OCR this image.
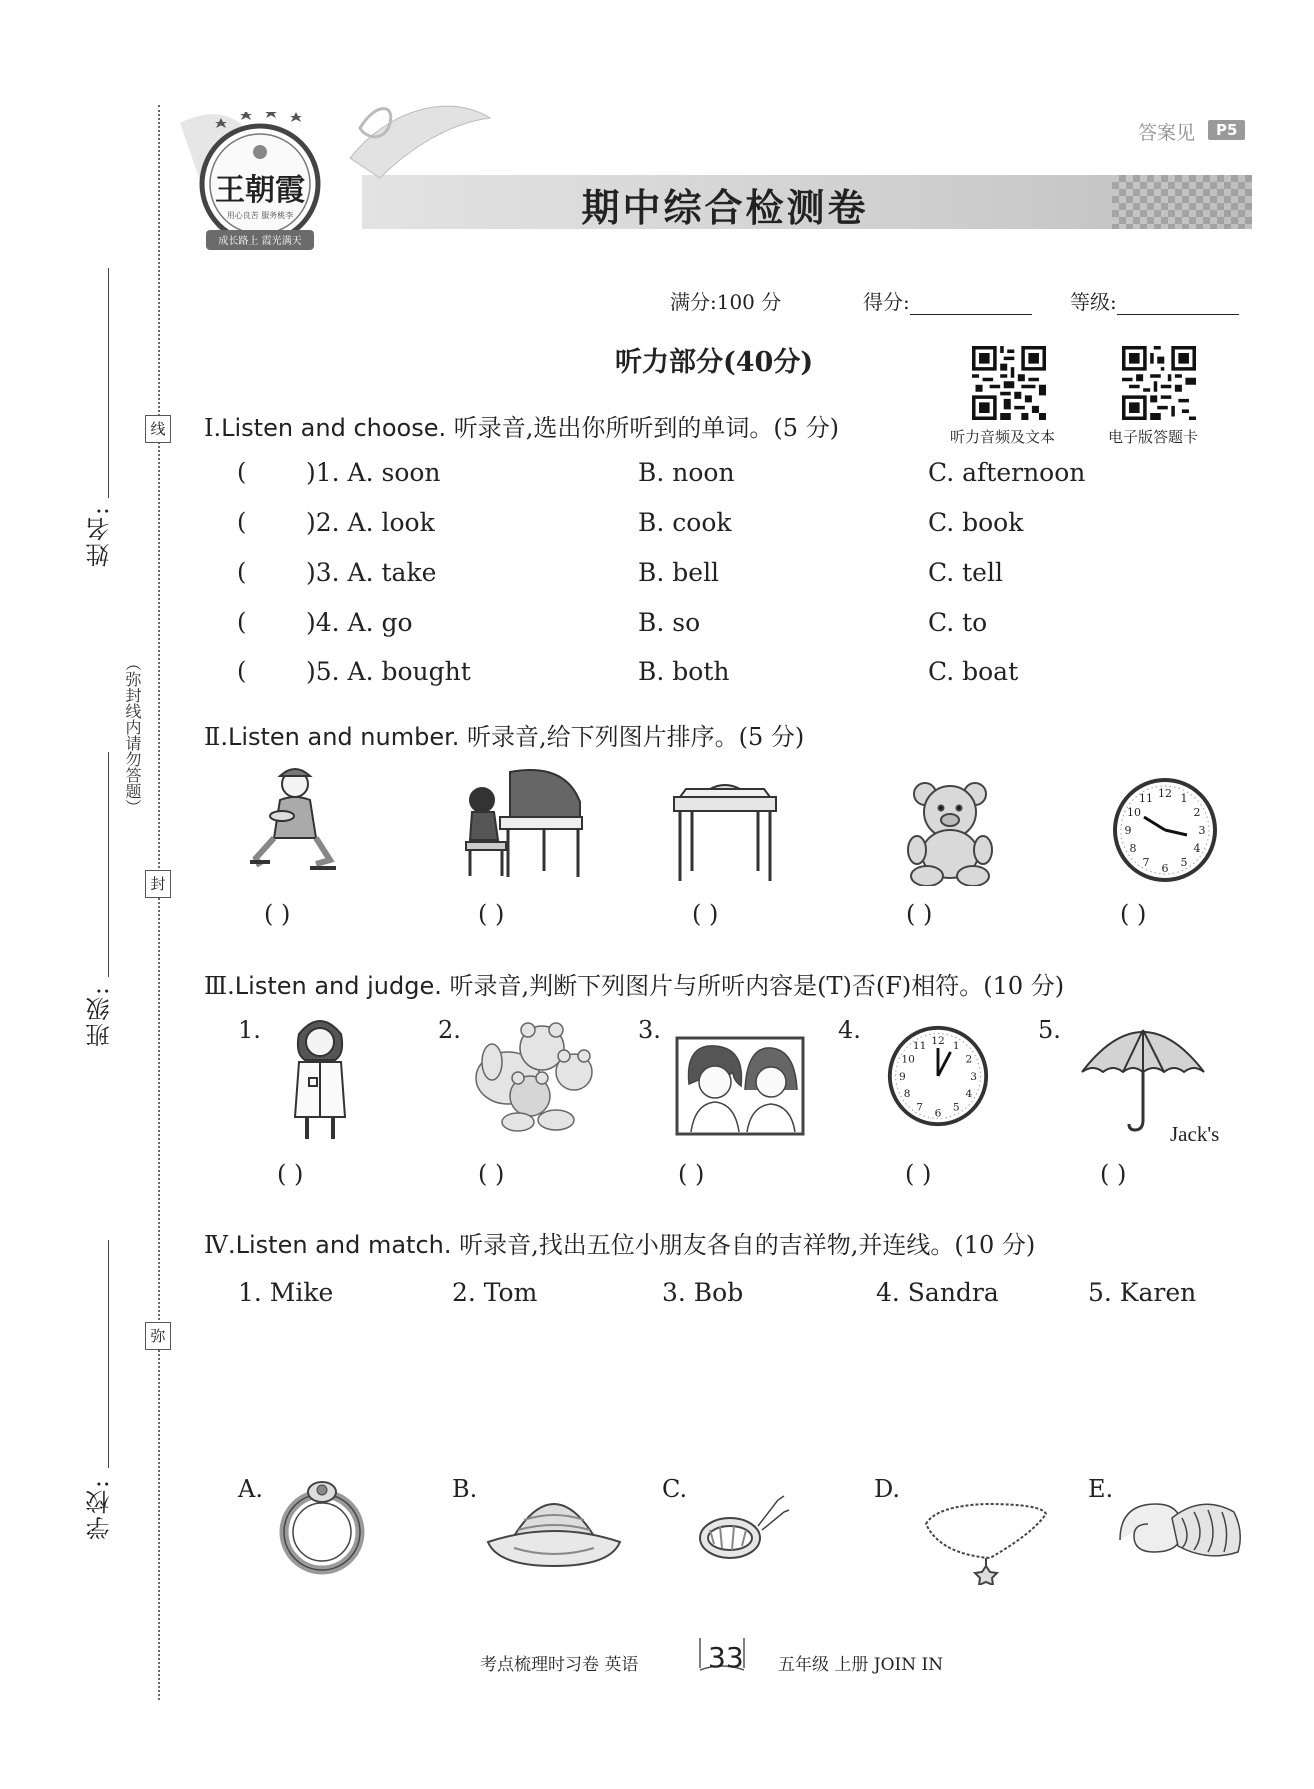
线
封
弥
（弥封线内请勿答题）
姓名:
班级:
学校:
答案见	P5
王朝霞
用心良苦 服务桃李
成长路上 霞光满天
期中综合检测卷
满分:100 分	得分:	等级:
听力部分(40分)
听力音频及文本	电子版答题卡
Ⅰ.Listen and choose. 听录音,选出你所听到的单词。(5 分)
( )1. A. soon	B. noon	C. afternoon
( )2. A. look	B. cook	C. book
( )3. A. take	B. bell	C. tell
( )4. A. go	B. so	C. to
( )5. A. bought	B. both	C. boat
Ⅱ.Listen and number. 听录音,给下列图片排序。(5 分)
12 1
2
3
4
5
6
7
8
9
10
11
( )	( )	( )	( )	( )
Ⅲ.Listen and judge. 听录音,判断下列图片与所听内容是(T)否(F)相符。(10 分)
1.	2.	3.	4.	5.
12 1
2
3
4
5
6
7
8
9
10
11
Jack's
( )	( )	( )	( )	( )
Ⅳ.Listen and match. 听录音,找出五位小朋友各自的吉祥物,并连线。(10 分)
1. Mike	2. Tom	3. Bob	4. Sandra	5. Karen
A.	B.	C.	D.	E.
考点梳理时习卷 英语 33 五年级 上册 JOIN IN
